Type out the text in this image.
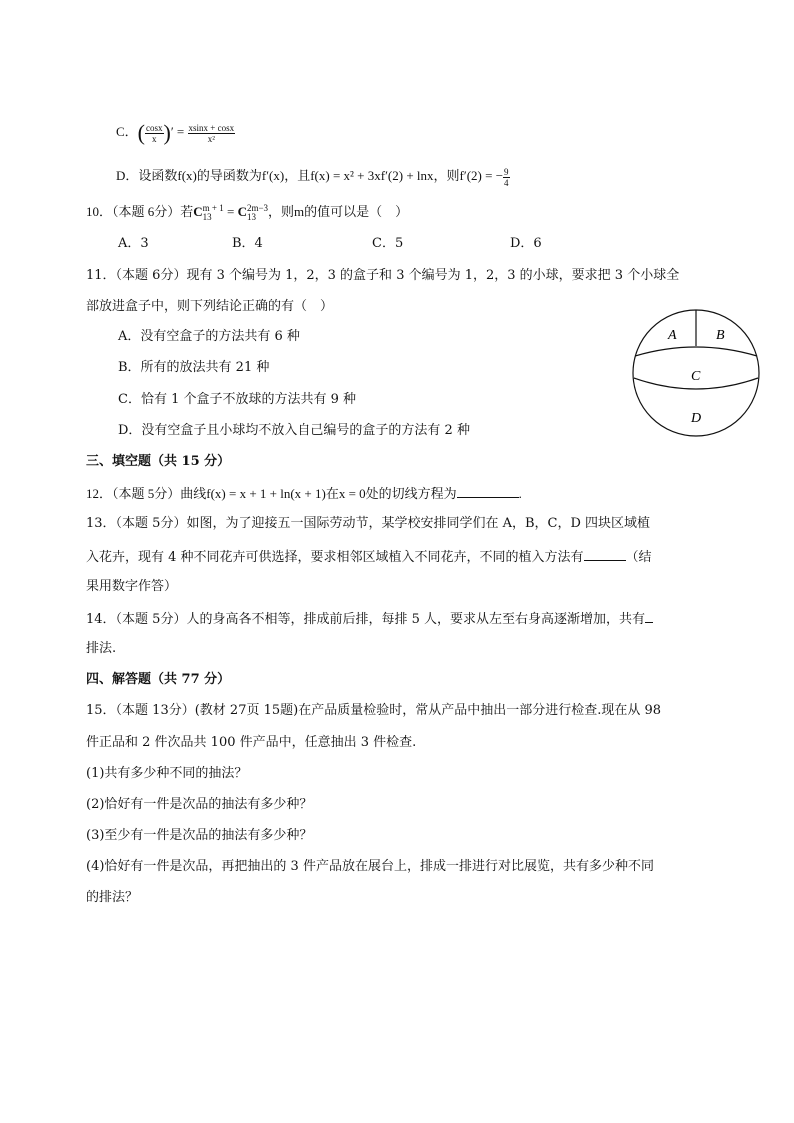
C．( $\frac{\cos x}{x}$ )′ = $\frac{xsinx + \cos x}{\text{x²}}$
D．设函数f(x)的导函数为f′(x)，且f(x) = x² + 3xf′(2) + lnx，则f′(2) = − $\frac{9}{4}$
10．（本题 6分）若C m + 1
13 = C 2m−3
13 ，则m的值可以是（　）
A．3	B．4	C．5	D．6
11．（本题 6分）现有 3 个编号为 1，2，3 的盒子和 3 个编号为 1，2，3 的小球，要求把 3 个小球全
部放进盒子中，则下列结论正确的有（　）
A．没有空盒子的方法共有 6 种
B．所有的放法共有 21 种
C．恰有 1 个盒子不放球的方法共有 9 种
D．没有空盒子且小球均不放入自己编号的盒子的方法有 2 种
A	B
C
D
三、填空题（共 15 分）
12．（本题 5分）曲线f(x) = x + 1 + ln(x + 1)在x = 0处的切线方程为	.
13．（本题 5分）如图，为了迎接五一国际劳动节，某学校安排同学们在 A，B，C，D 四块区域植
入花卉，现有 4 种不同花卉可供选择，要求相邻区域植入不同花卉，不同的植入方法有	（结
果用数字作答）
14．（本题 5分）人的身高各不相等，排成前后排，每排 5 人，要求从左至右身高逐渐增加，共有
排法.
四、解答题（共 77 分）
15．（本题 13分）(教材 27页 15题)在产品质量检验时，常从产品中抽出一部分进行检查.现在从 98
件正品和 2 件次品共 100 件产品中，任意抽出 3 件检查.
(1)共有多少种不同的抽法？
(2)恰好有一件是次品的抽法有多少种？
(3)至少有一件是次品的抽法有多少种？
(4)恰好有一件是次品，再把抽出的 3 件产品放在展台上，排成一排进行对比展览，共有多少种不同
的排法？
